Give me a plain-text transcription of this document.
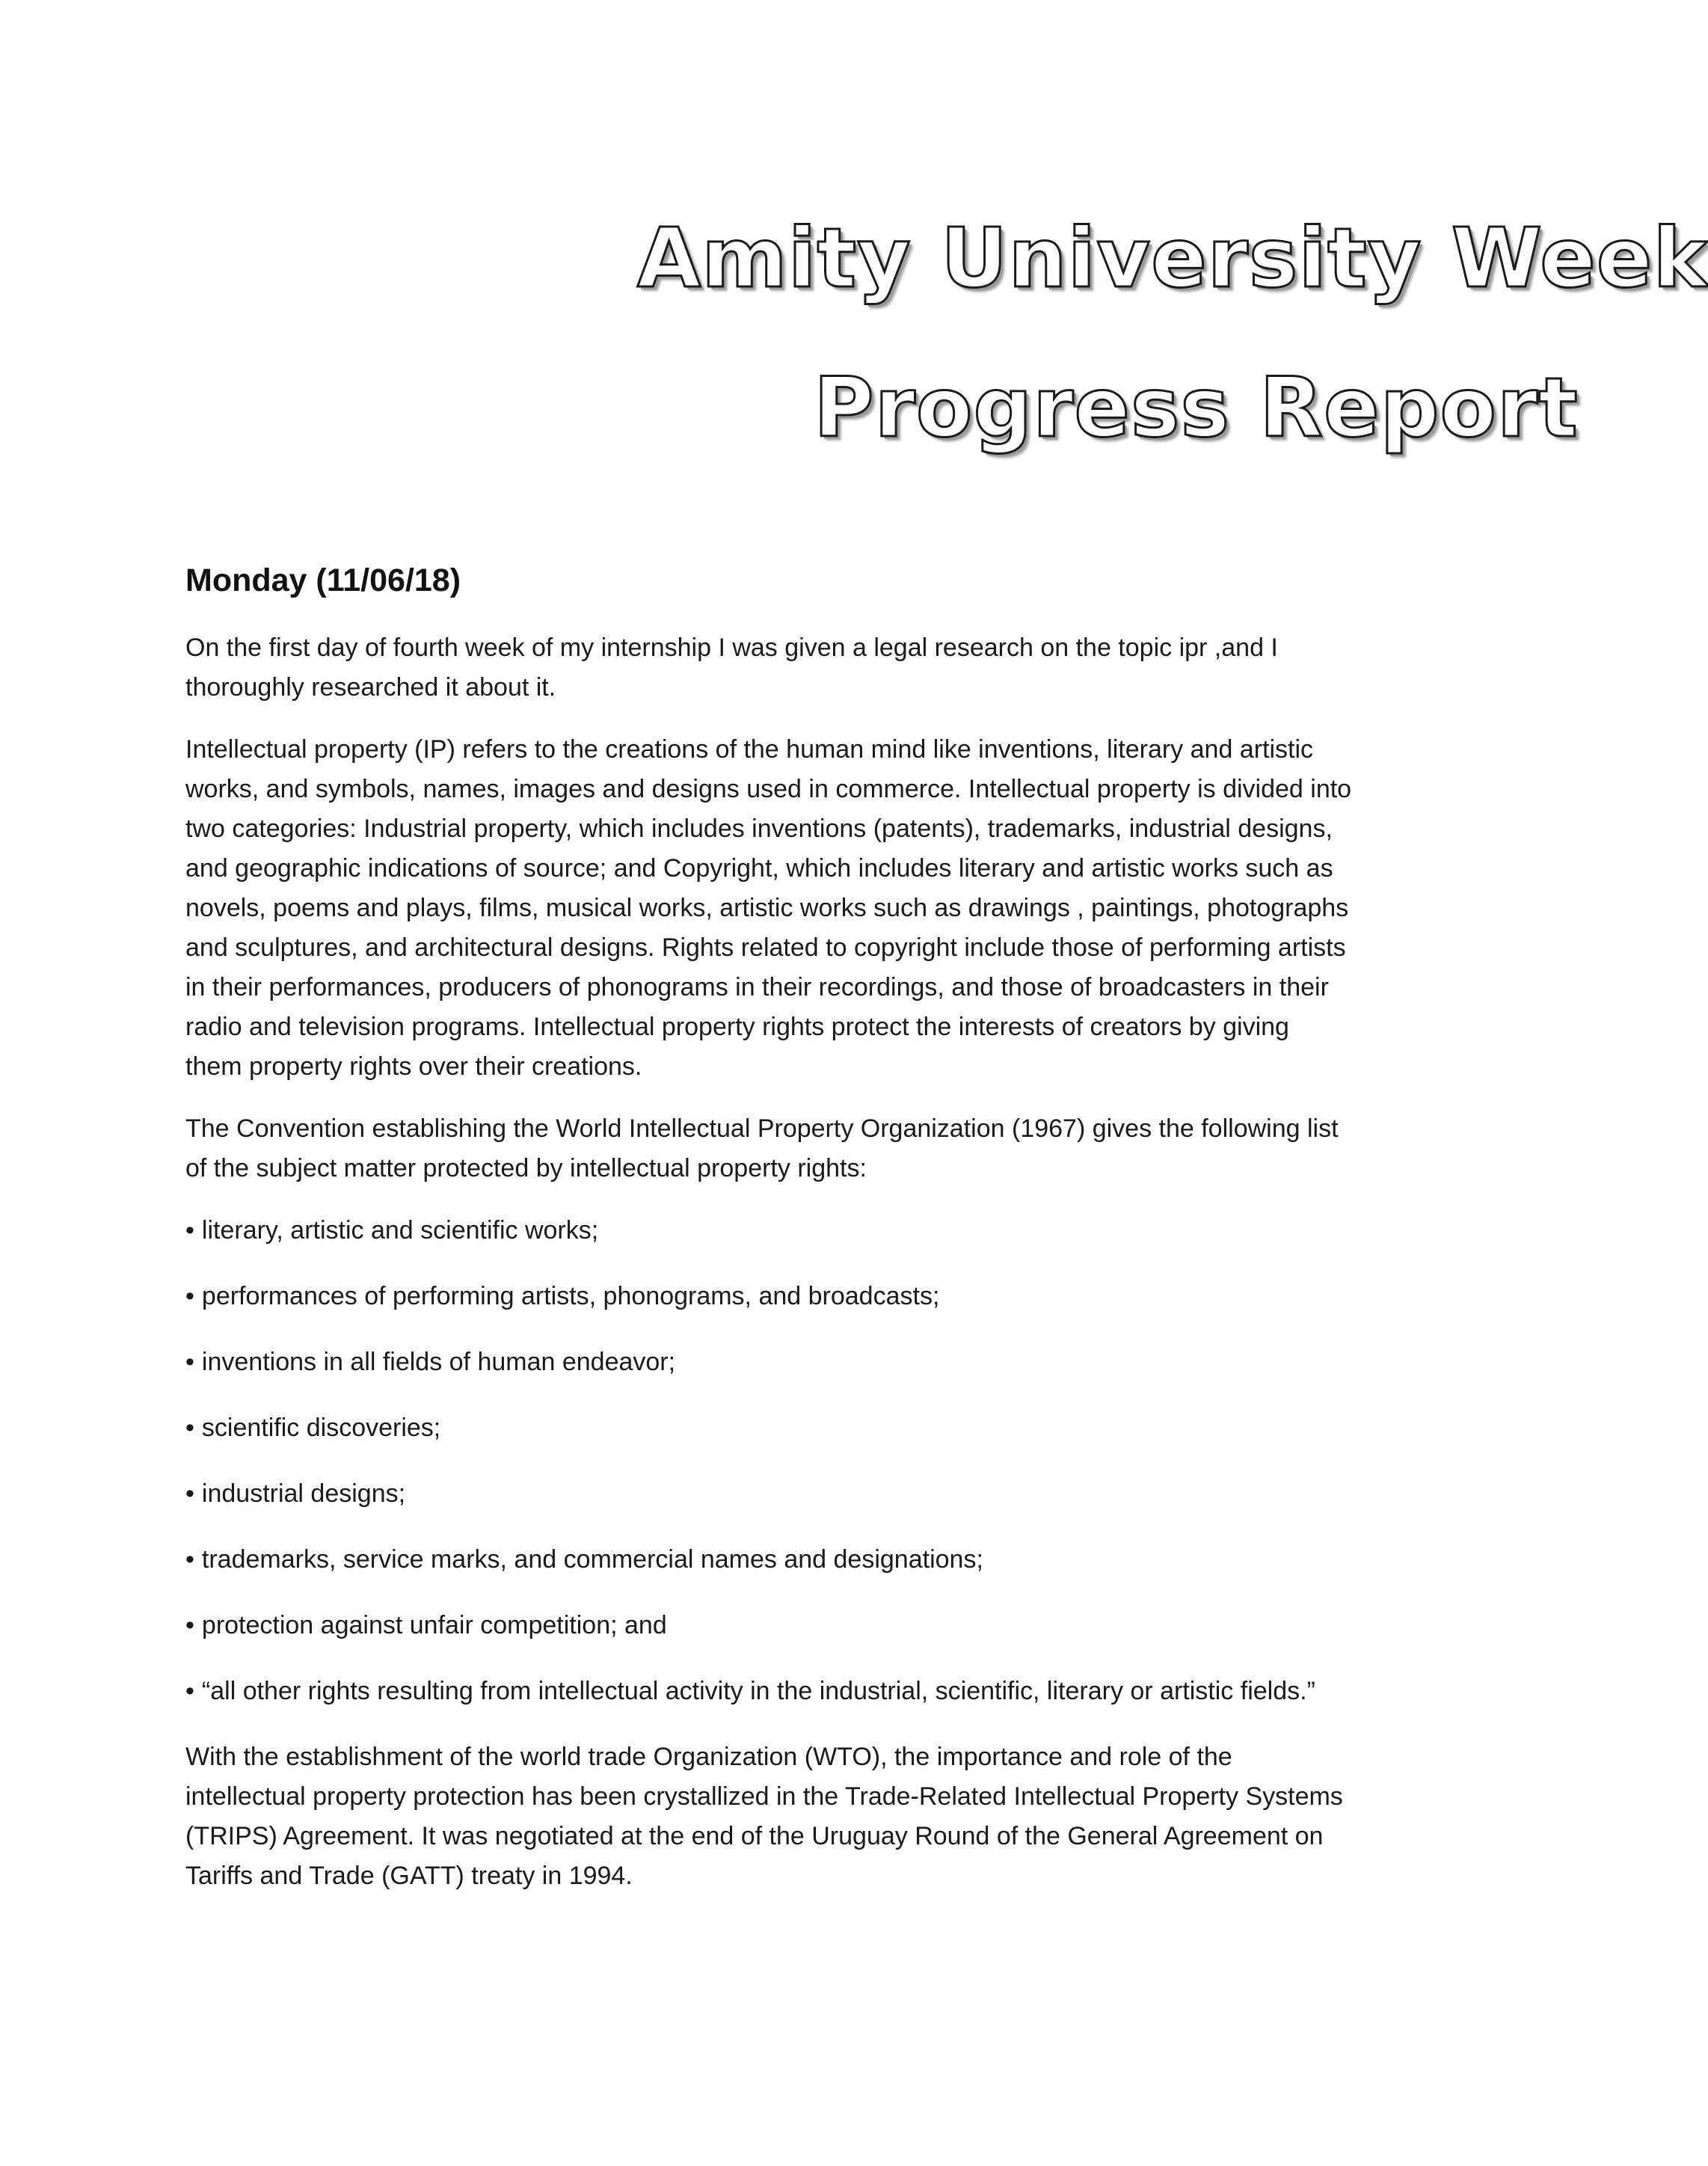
Amity University Week
Progress Report
Monday (11/06/18)

On the first day of fourth week of my internship I was given a legal research on the topic ipr ,and I thoroughly researched it about it.

Intellectual property (IP) refers to the creations of the human mind like inventions, literary and artistic works, and symbols, names, images and designs used in commerce. Intellectual property is divided into two categories: Industrial property, which includes inventions (patents), trademarks, industrial designs, and geographic indications of source; and Copyright, which includes literary and artistic works such as novels, poems and plays, films, musical works, artistic works such as drawings , paintings, photographs and sculptures, and architectural designs. Rights related to copyright include those of performing artists in their performances, producers of phonograms in their recordings, and those of broadcasters in their radio and television programs. Intellectual property rights protect the interests of creators by giving them property rights over their creations.

The Convention establishing the World Intellectual Property Organization (1967) gives the following list of the subject matter protected by intellectual property rights:

• literary, artistic and scientific works;
• performances of performing artists, phonograms, and broadcasts;
• inventions in all fields of human endeavor;
• scientific discoveries;
• industrial designs;
• trademarks, service marks, and commercial names and designations;
• protection against unfair competition; and
• “all other rights resulting from intellectual activity in the industrial, scientific, literary or artistic fields.”

With the establishment of the world trade Organization (WTO), the importance and role of the intellectual property protection has been crystallized in the Trade-Related Intellectual Property Systems (TRIPS) Agreement. It was negotiated at the end of the Uruguay Round of the General Agreement on Tariffs and Trade (GATT) treaty in 1994.
